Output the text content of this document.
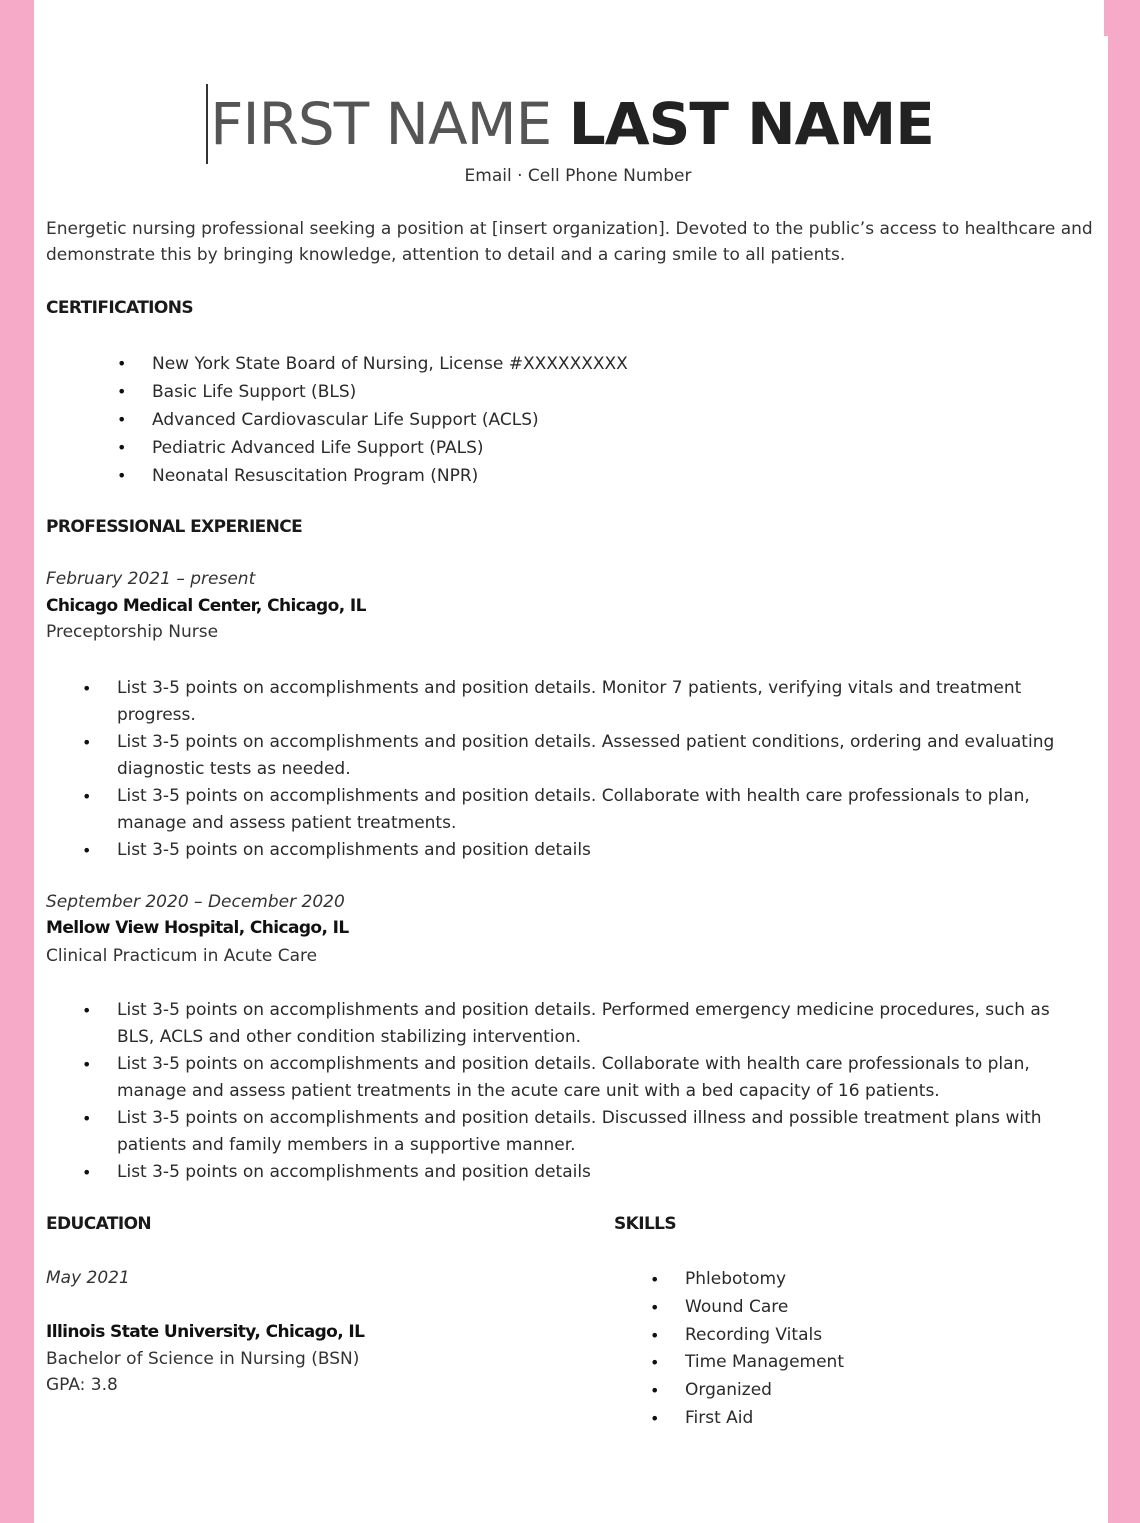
FIRST NAME LAST NAME
Email · Cell Phone Number
Energetic nursing professional seeking a position at [insert organization]. Devoted to the public’s access to healthcare and demonstrate this by bringing knowledge, attention to detail and a caring smile to all patients.
CERTIFICATIONS
• New York State Board of Nursing, License #XXXXXXXXX
• Basic Life Support (BLS)
• Advanced Cardiovascular Life Support (ACLS)
• Pediatric Advanced Life Support (PALS)
• Neonatal Resuscitation Program (NPR)
PROFESSIONAL EXPERIENCE
February 2021 – present
Chicago Medical Center, Chicago, IL
Preceptorship Nurse
• List 3-5 points on accomplishments and position details. Monitor 7 patients, verifying vitals and treatment progress.
• List 3-5 points on accomplishments and position details. Assessed patient conditions, ordering and evaluating diagnostic tests as needed.
• List 3-5 points on accomplishments and position details. Collaborate with health care professionals to plan, manage and assess patient treatments.
• List 3-5 points on accomplishments and position details
September 2020 – December 2020
Mellow View Hospital, Chicago, IL
Clinical Practicum in Acute Care
• List 3-5 points on accomplishments and position details. Performed emergency medicine procedures, such as BLS, ACLS and other condition stabilizing intervention.
• List 3-5 points on accomplishments and position details. Collaborate with health care professionals to plan, manage and assess patient treatments in the acute care unit with a bed capacity of 16 patients.
• List 3-5 points on accomplishments and position details. Discussed illness and possible treatment plans with patients and family members in a supportive manner.
• List 3-5 points on accomplishments and position details
EDUCATION
May 2021
Illinois State University, Chicago, IL
Bachelor of Science in Nursing (BSN)
GPA: 3.8
SKILLS
• Phlebotomy
• Wound Care
• Recording Vitals
• Time Management
• Organized
• First Aid
